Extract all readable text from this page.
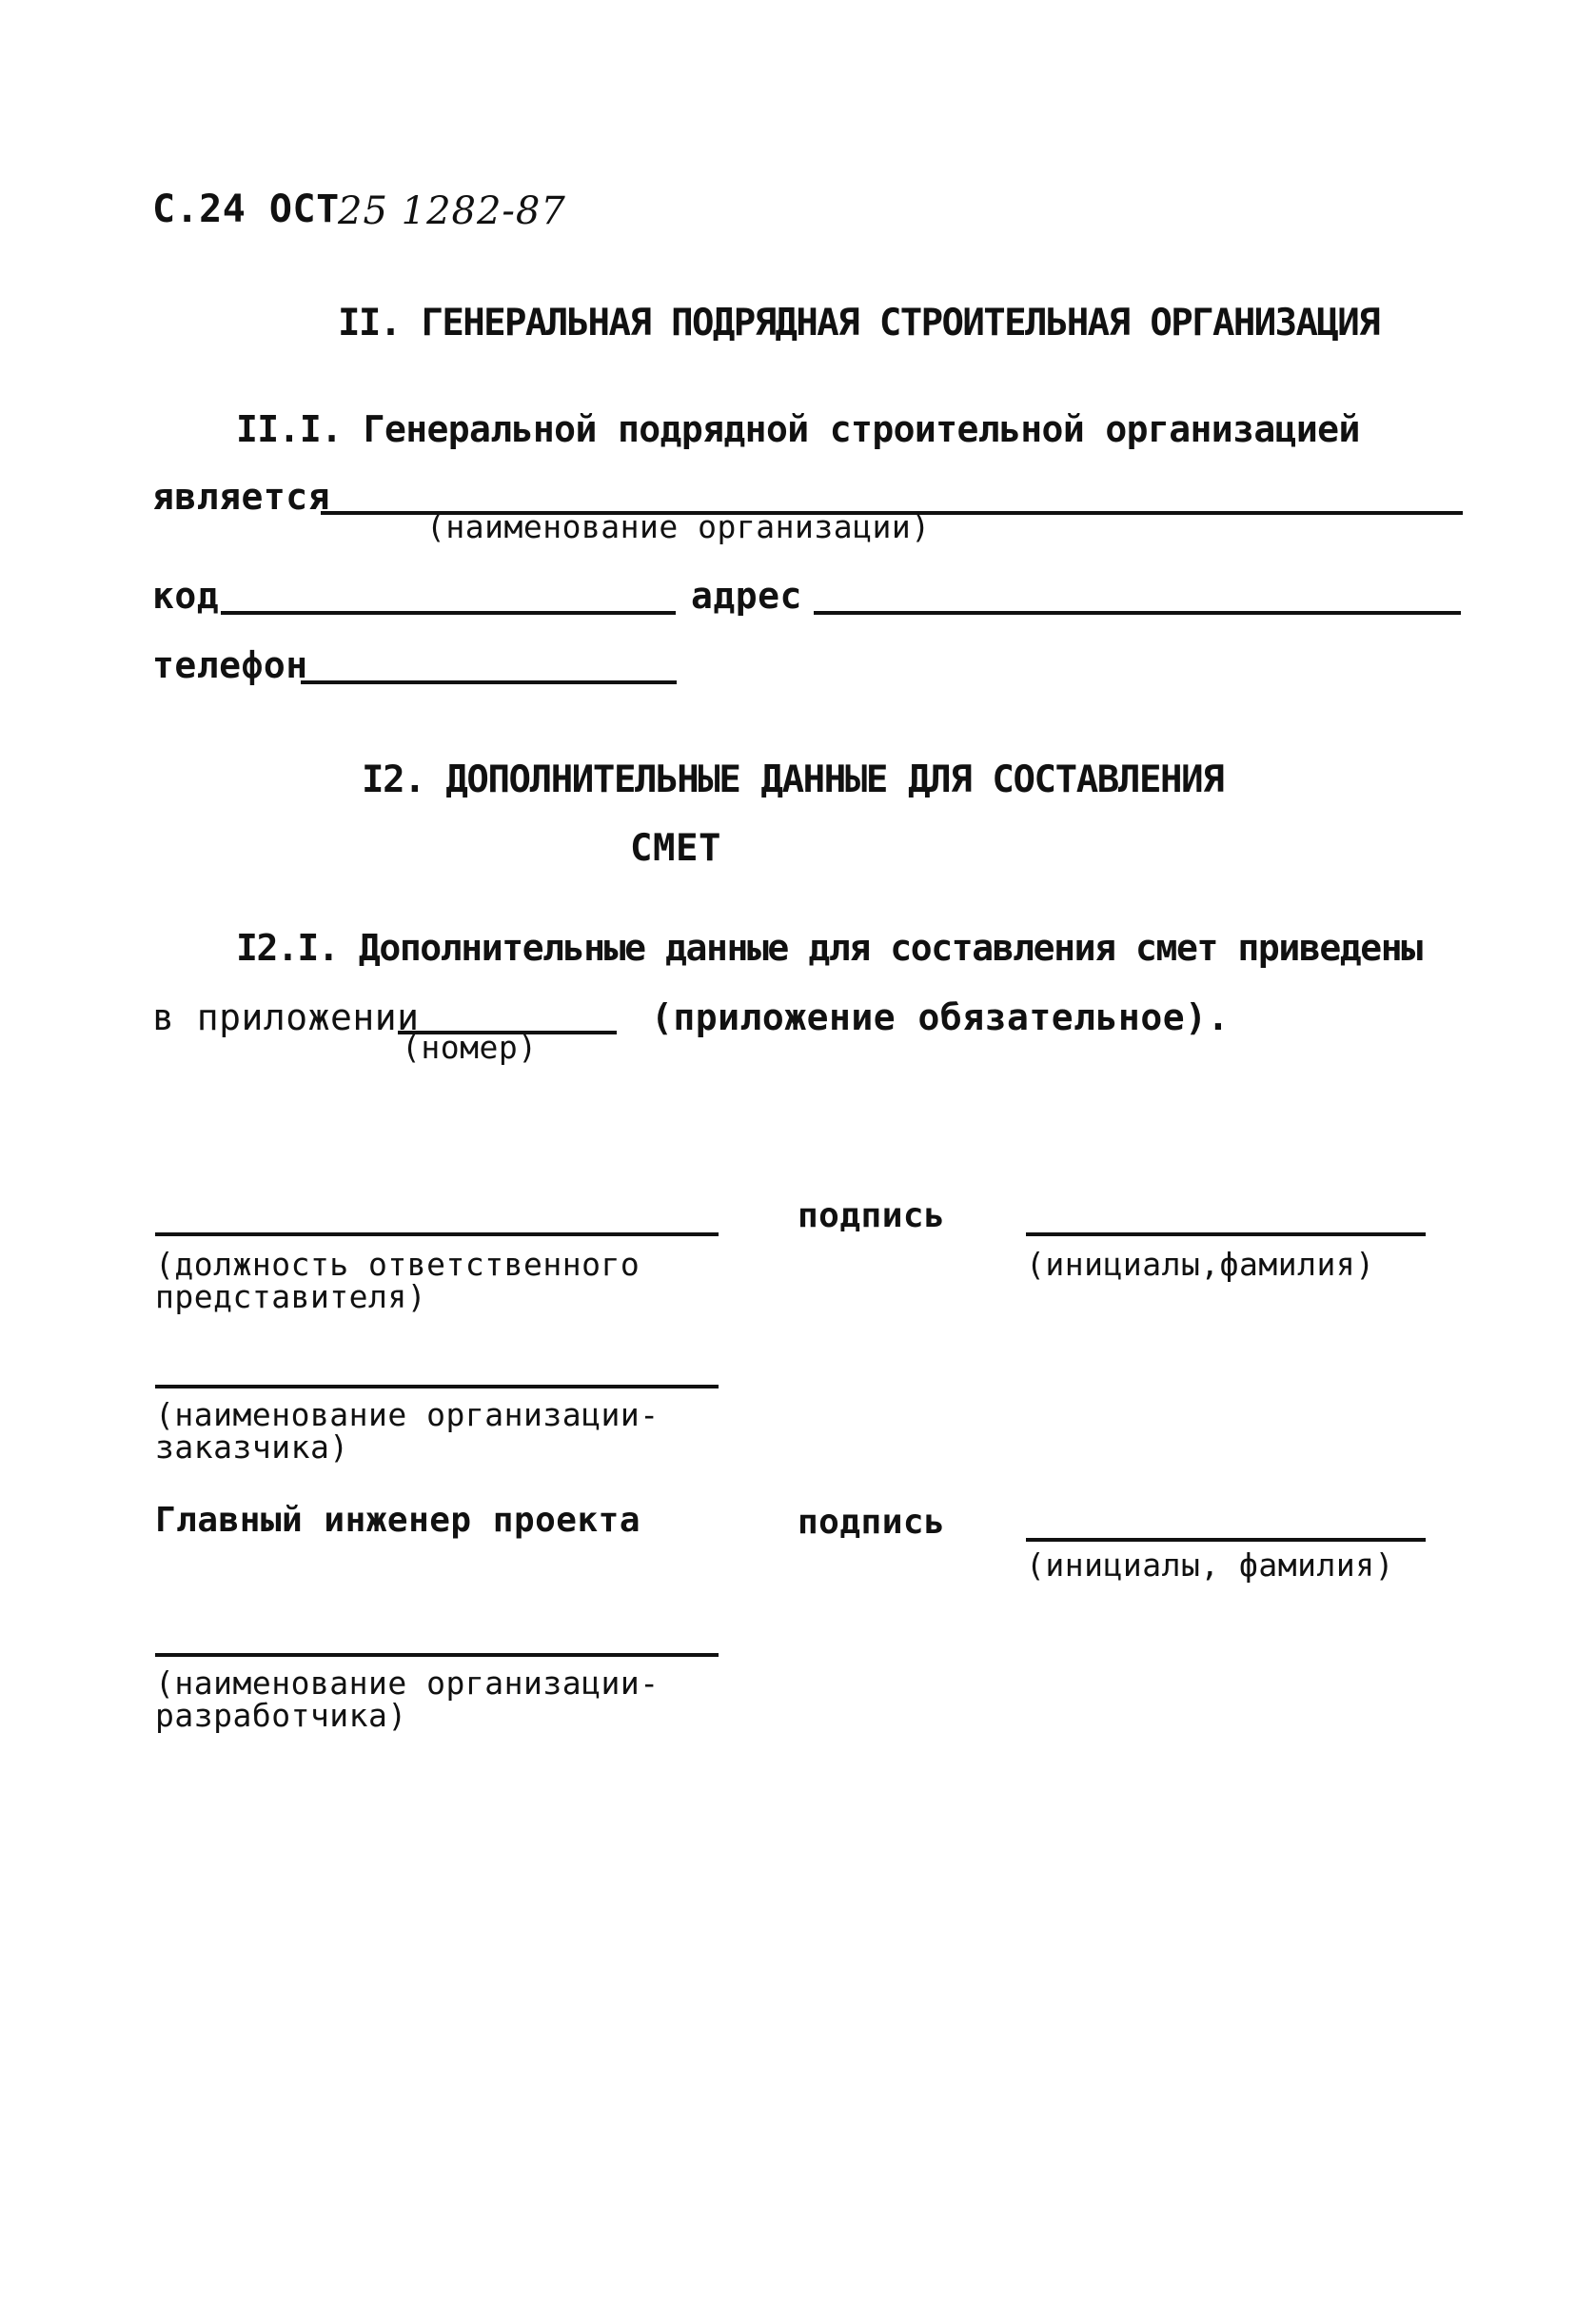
С.24 ОСТ
25 1282-87
II. ГЕНЕРАЛЬНАЯ ПОДРЯДНАЯ СТРОИТЕЛЬНАЯ ОРГАНИЗАЦИЯ
II.I. Генеральной подрядной строительной организацией
является
(наименование организации)
код	адрес
телефон
I2. ДОПОЛНИТЕЛЬНЫЕ ДАННЫЕ ДЛЯ СОСТАВЛЕНИЯ
СМЕТ
I2.I. Дополнительные данные для составления смет приведены
в приложении
(номер)
(приложение обязательное).
подпись
(должность ответственного
представителя)
(инициалы,фамилия)
(наименование организации-
заказчика)
Главный инженер проекта	подпись
(инициалы, фамилия)
(наименование организации-
разработчика)
